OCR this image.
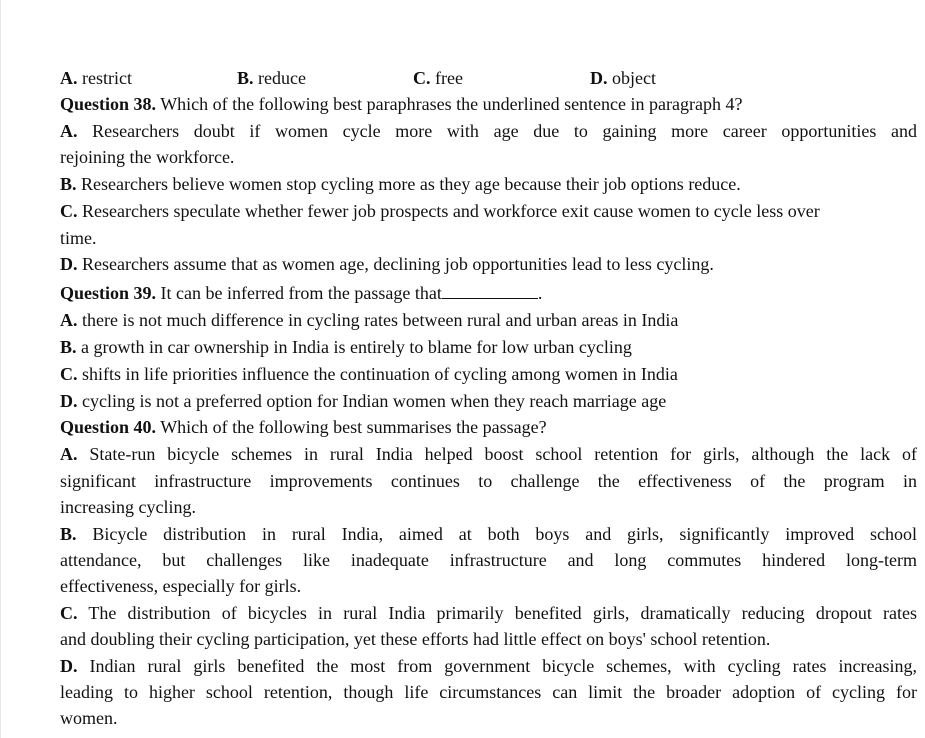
A. restrict	B. reduce	C. free	D. object
Question 38. Which of the following best paraphrases the underlined sentence in paragraph 4?
A. Researchers doubt if women cycle more with age due to gaining more career opportunities and
rejoining the workforce.
B. Researchers believe women stop cycling more as they age because their job options reduce.
C. Researchers speculate whether fewer job prospects and workforce exit cause women to cycle less over
time.
D. Researchers assume that as women age, declining job opportunities lead to less cycling.
Question 39. It can be inferred from the passage that	.
A. there is not much difference in cycling rates between rural and urban areas in India
B. a growth in car ownership in India is entirely to blame for low urban cycling
C. shifts in life priorities influence the continuation of cycling among women in India
D. cycling is not a preferred option for Indian women when they reach marriage age
Question 40. Which of the following best summarises the passage?
A. State-run bicycle schemes in rural India helped boost school retention for girls, although the lack of
significant infrastructure improvements continues to challenge the effectiveness of the program in
increasing cycling.
B. Bicycle distribution in rural India, aimed at both boys and girls, significantly improved school
attendance, but challenges like inadequate infrastructure and long commutes hindered long-term
effectiveness, especially for girls.
C. The distribution of bicycles in rural India primarily benefited girls, dramatically reducing dropout rates
and doubling their cycling participation, yet these efforts had little effect on boys' school retention.
D. Indian rural girls benefited the most from government bicycle schemes, with cycling rates increasing,
leading to higher school retention, though life circumstances can limit the broader adoption of cycling for
women.
